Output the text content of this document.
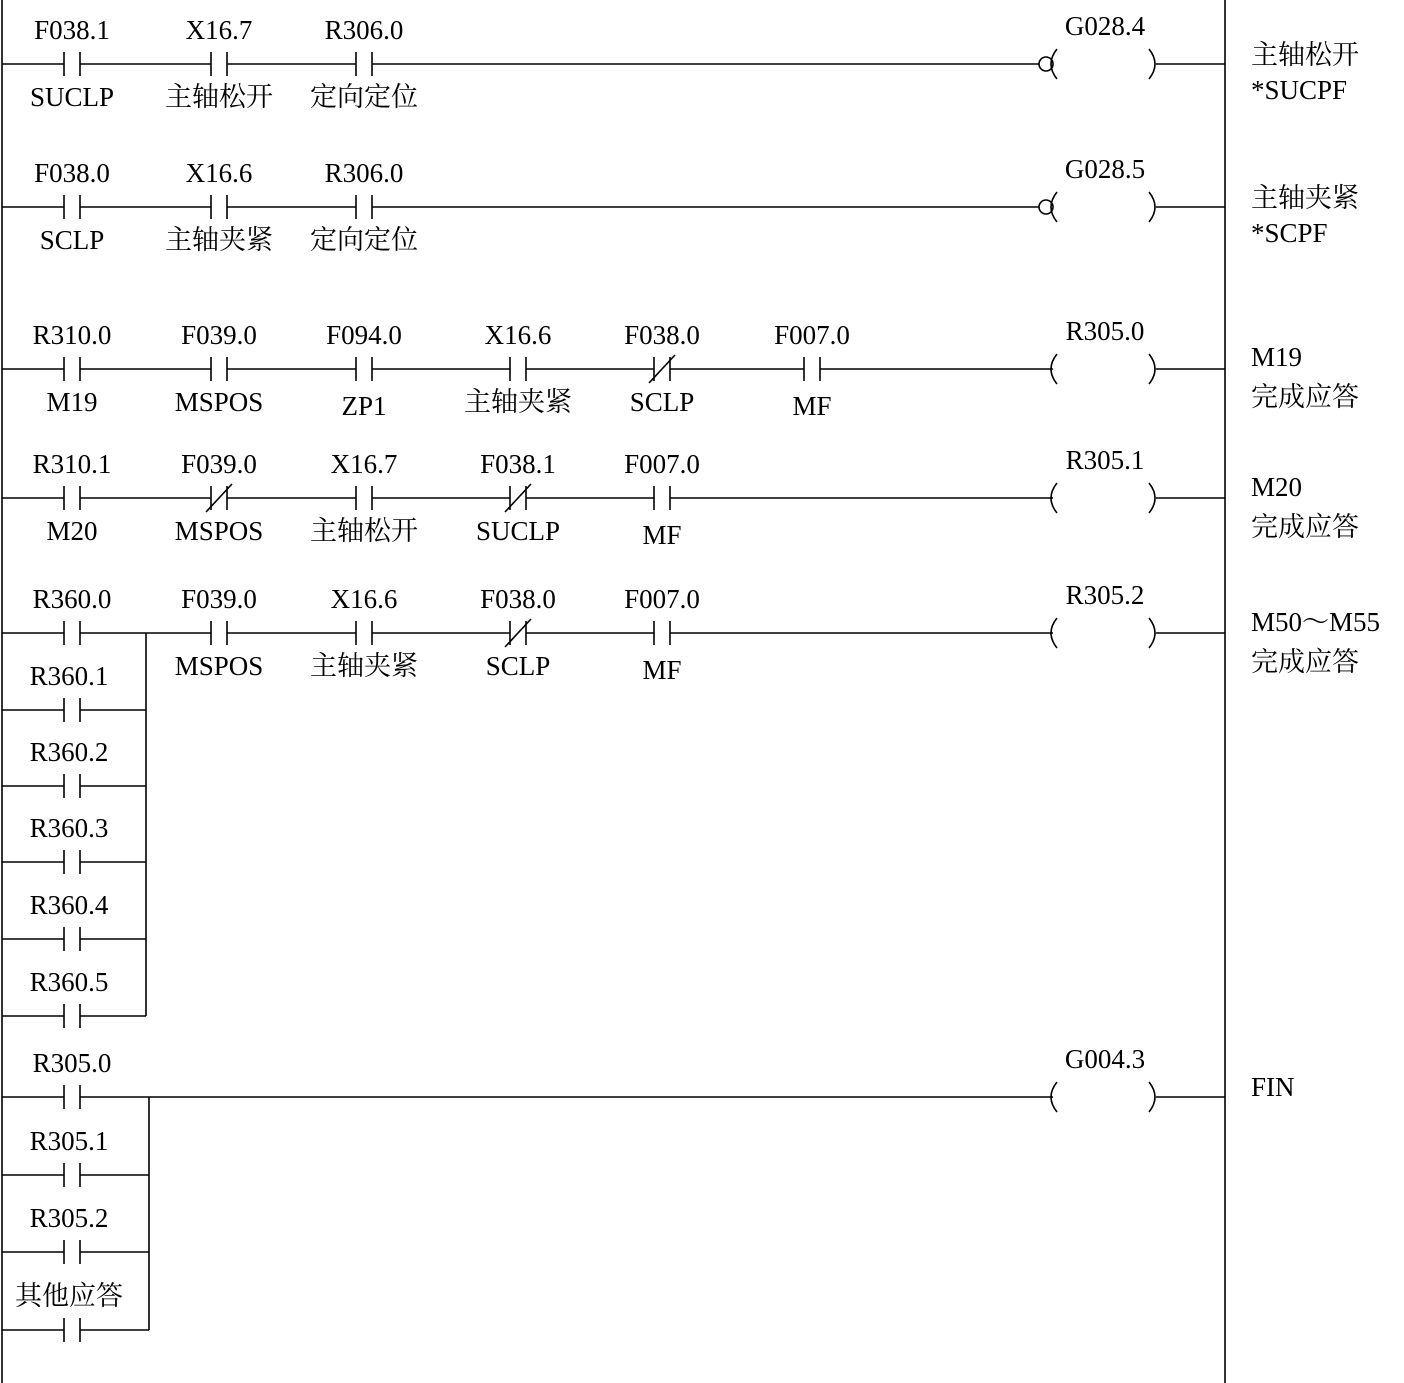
F038.1
SUCLP
X16.7
主轴松开
R306.0
定向定位
G028.4
主轴松开
*SUCPF
F038.0
SCLP
X16.6
主轴夹紧
R306.0
定向定位
G028.5
主轴夹紧
*SCPF
R310.0
M19
F039.0
MSPOS
F094.0
ZP1
X16.6
主轴夹紧
F038.0
SCLP
F007.0
MF
R305.0
M19
完成应答
R310.1
M20
F039.0
MSPOS
X16.7
主轴松开
F038.1
SUCLP
F007.0
MF
R305.1
M20
完成应答
R360.0	F039.0
MSPOS
X16.6
主轴夹紧
F038.0
SCLP
F007.0
MF
R360.1
R360.2
R360.3
R360.4
R360.5
R305.2
M50～M55
完成应答
R305.0
R305.1
R305.2
其他应答
G004.3
FIN
